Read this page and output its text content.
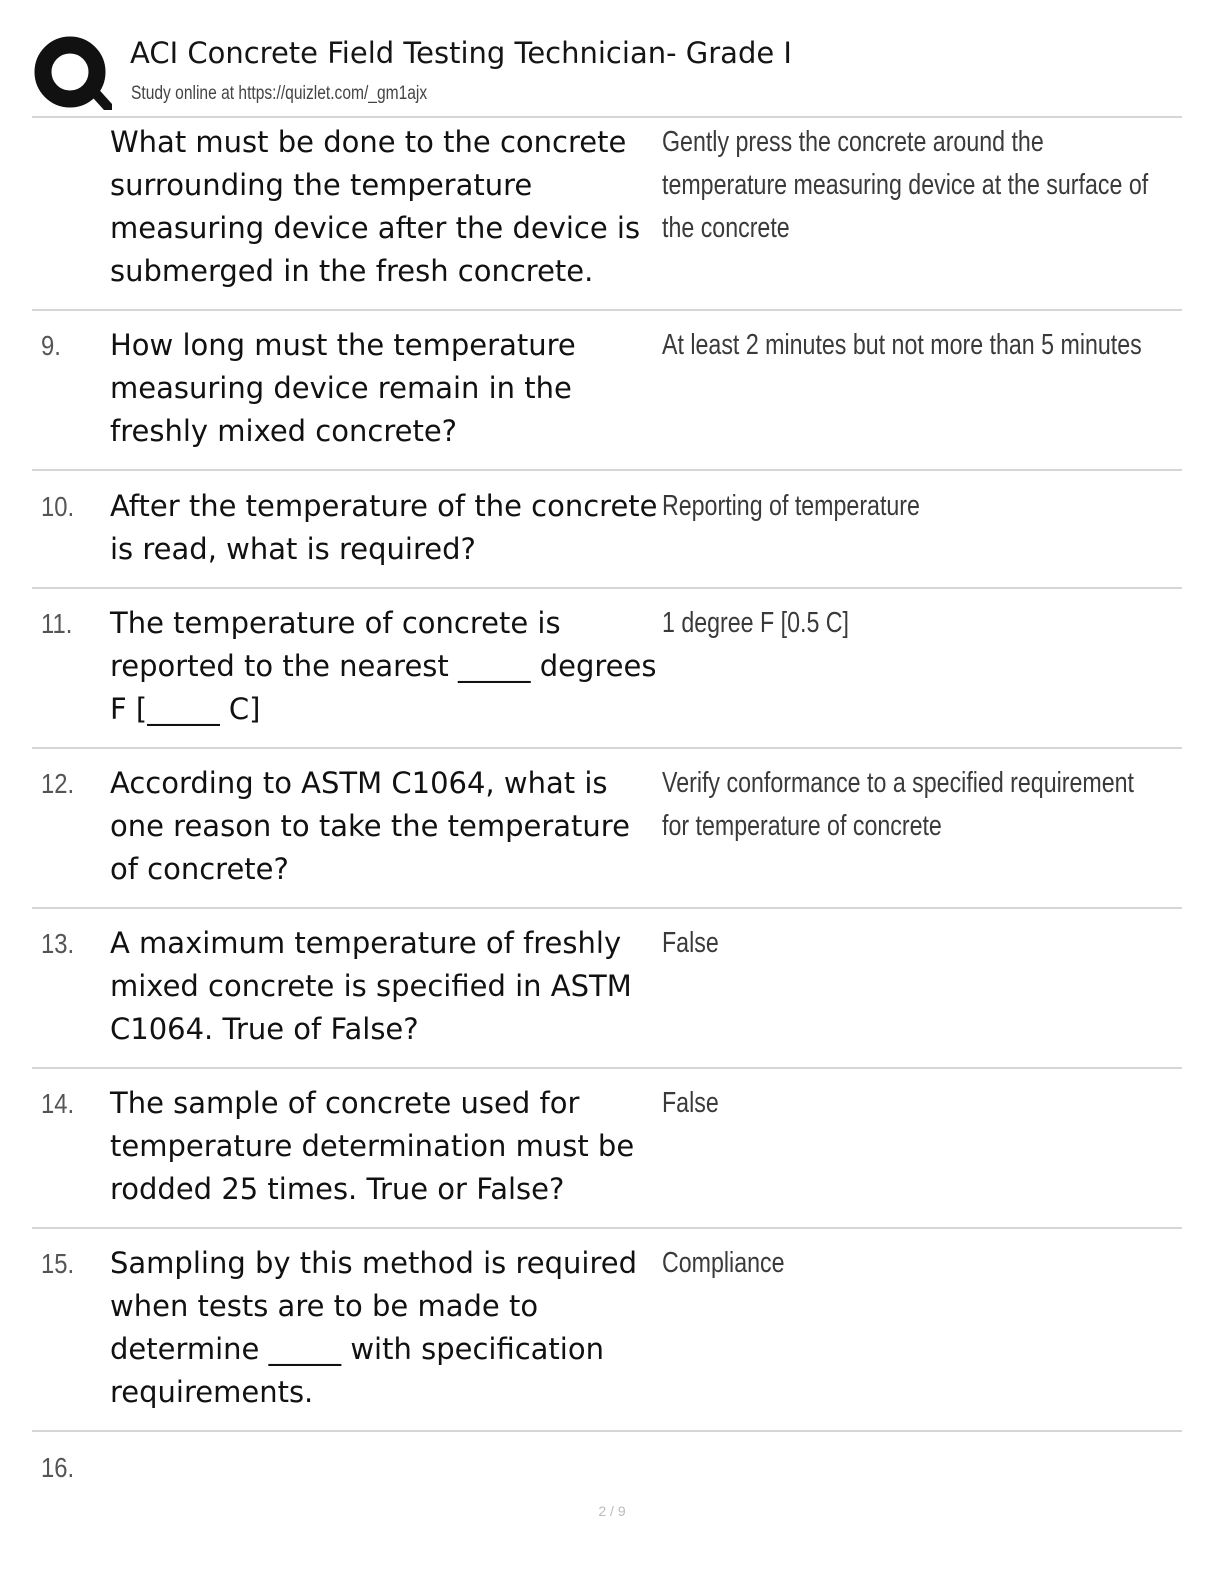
ACI Concrete Field Testing Technician- Grade I
Study online at https://quizlet.com/_gm1ajx
What must be done to the concrete surrounding the temperature measuring device after the device is submerged in the fresh concrete.
Gently press the concrete around the temperature measuring device at the surface of the concrete
9. How long must the temperature measuring device remain in the freshly mixed concrete?
At least 2 minutes but not more than 5 minutes
10. After the temperature of the concrete is read, what is required?
Reporting of temperature
11. The temperature of concrete is reported to the nearest _____ degrees F [_____ C]
1 degree F [0.5 C]
12. According to ASTM C1064, what is one reason to take the temperature of concrete?
Verify conformance to a specified requirement for temperature of concrete
13. A maximum temperature of freshly mixed concrete is specified in ASTM C1064. True of False?
False
14. The sample of concrete used for temperature determination must be rodded 25 times. True or False?
False
15. Sampling by this method is required when tests are to be made to determine _____ with specification requirements.
Compliance
16.
2 / 9
